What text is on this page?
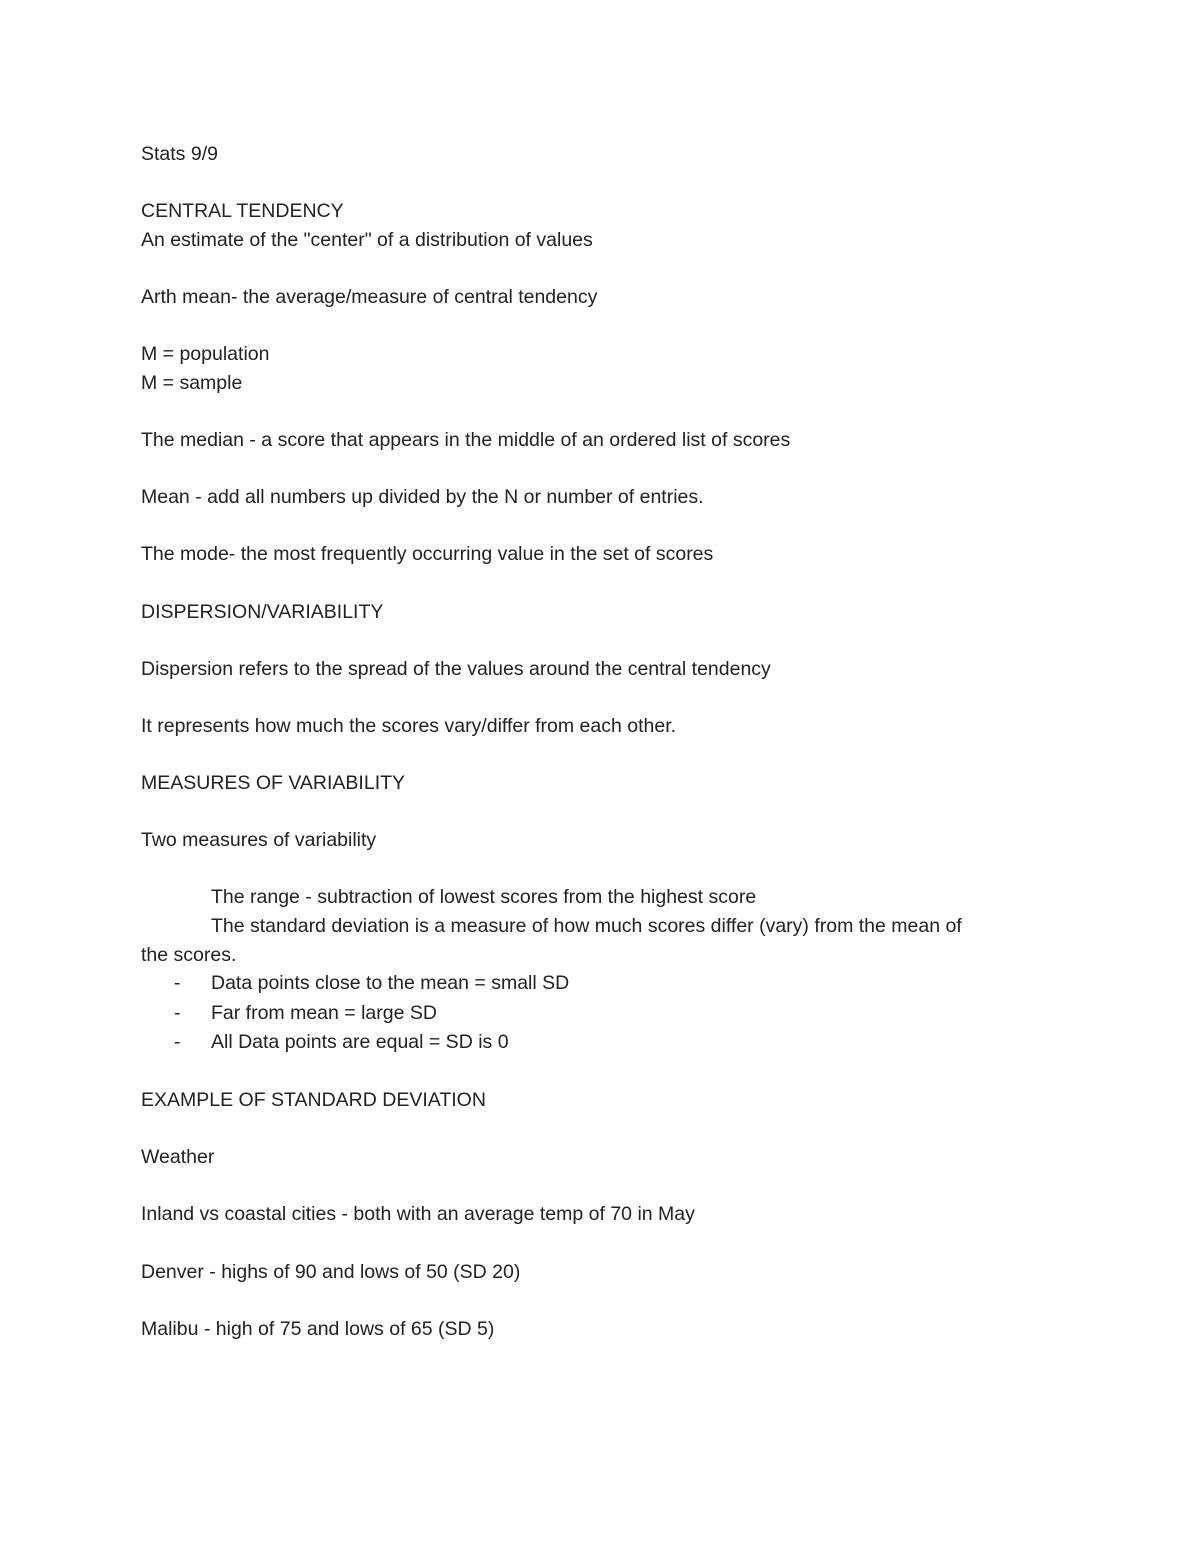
Stats 9/9

CENTRAL TENDENCY

An estimate of the "center" of a distribution of values

Arth mean- the average/measure of central tendency

M = population

M = sample

The median - a score that appears in the middle of an ordered list of scores

Mean - add all numbers up divided by the N or number of entries.

The mode- the most frequently occurring value in the set of scores

DISPERSION/VARIABILITY

Dispersion refers to the spread of the values around the central tendency

It represents how much the scores vary/differ from each other.

MEASURES OF VARIABILITY

Two measures of variability

The range - subtraction of lowest scores from the highest score

The standard deviation is a measure of how much scores differ (vary) from the mean of

the scores.

- Data points close to the mean = small SD
- Far from mean = large SD
- All Data points are equal = SD is 0

EXAMPLE OF STANDARD DEVIATION

Weather

Inland vs coastal cities - both with an average temp of 70 in May

Denver - highs of 90 and lows of 50 (SD 20)

Malibu - high of 75 and lows of 65 (SD 5)
